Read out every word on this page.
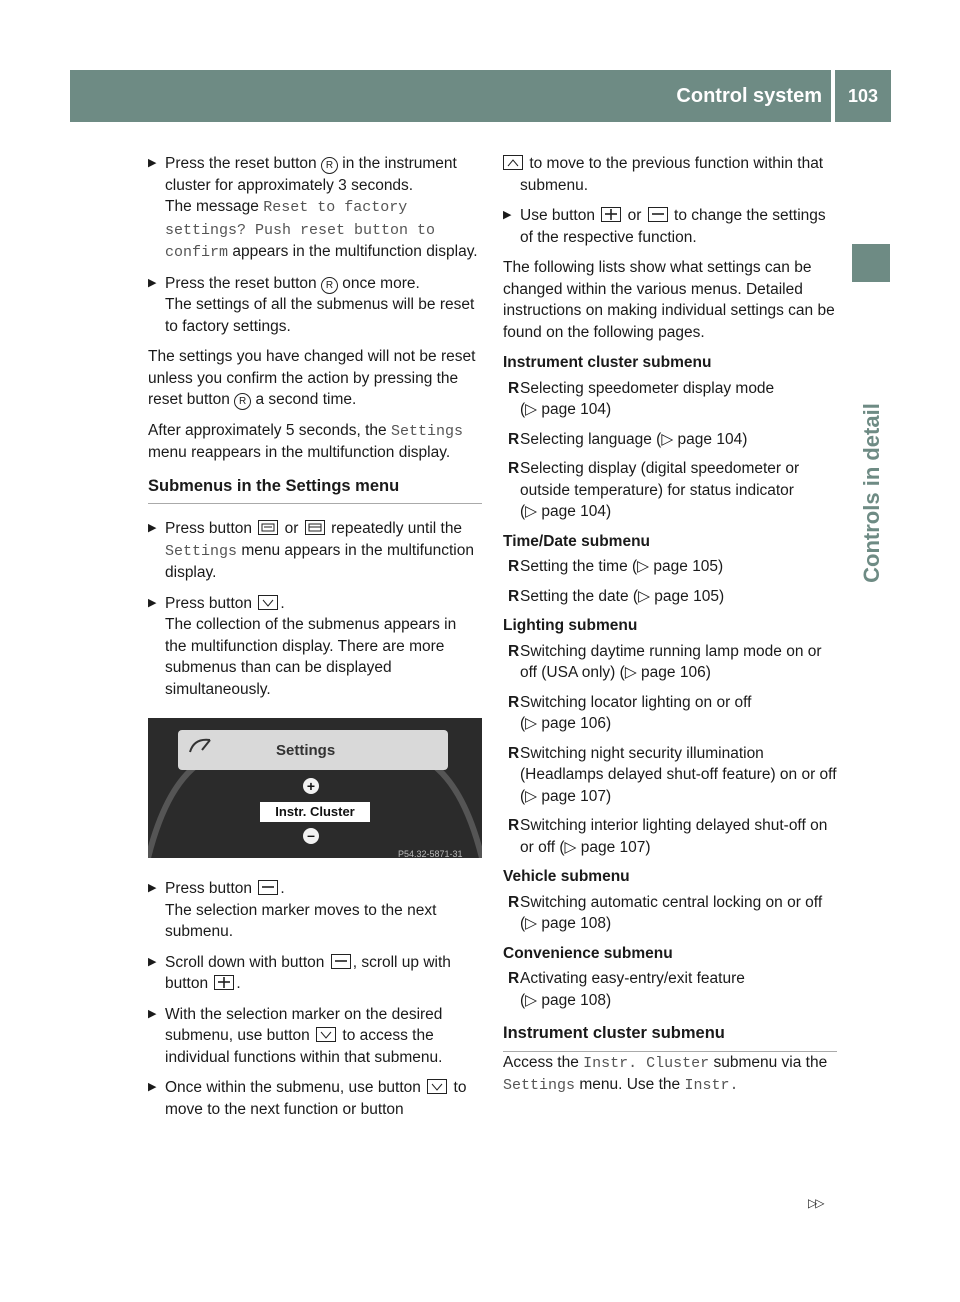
Control system	103
Controls in detail
▶ Press the reset button R in the instrument cluster for approximately 3 seconds.
The message Reset to factory settings? Push reset button to confirm appears in the multifunction display.
▶ Press the reset button R once more.
The settings of all the submenus will be reset to factory settings.

The settings you have changed will not be reset unless you confirm the action by pressing the reset button R a second time.

After approximately 5 seconds, the Settings menu reappears in the multifunction display.

Submenus in the Settings menu
▶ Press button or repeatedly until the Settings menu appears in the multifunction display.
▶ Press button .
The collection of the submenus appears in the multifunction display. There are more submenus than can be displayed simultaneously.
Settings
+
Instr. Cluster
–
P54.32-5871-31
▶ Press button .
The selection marker moves to the next submenu.
▶ Scroll down with button , scroll up with button .
▶ With the selection marker on the desired submenu, use button to access the individual functions within that submenu.
▶ Once within the submenu, use button to move to the next function or button
to move to the previous function within that submenu.
▶ Use button or to change the settings of the respective function.

The following lists show what settings can be changed within the various menus. Detailed instructions on making individual settings can be found on the following pages.

Instrument cluster submenu
R Selecting speedometer display mode (▷ page 104)
R Selecting language (▷ page 104)
R Selecting display (digital speedometer or outside temperature) for status indicator (▷ page 104)
Time/Date submenu
R Setting the time (▷ page 105)
R Setting the date (▷ page 105)
Lighting submenu
R Switching daytime running lamp mode on or off (USA only) (▷ page 106)
R Switching locator lighting on or off (▷ page 106)
R Switching night security illumination (Headlamps delayed shut-off feature) on or off (▷ page 107)
R Switching interior lighting delayed shut-off on or off (▷ page 107)
Vehicle submenu
R Switching automatic central locking on or off (▷ page 108)
Convenience submenu
R Activating easy-entry/exit feature (▷ page 108)
Instrument cluster submenu

Access the Instr. Cluster submenu via the Settings menu. Use the Instr.

▷▷
